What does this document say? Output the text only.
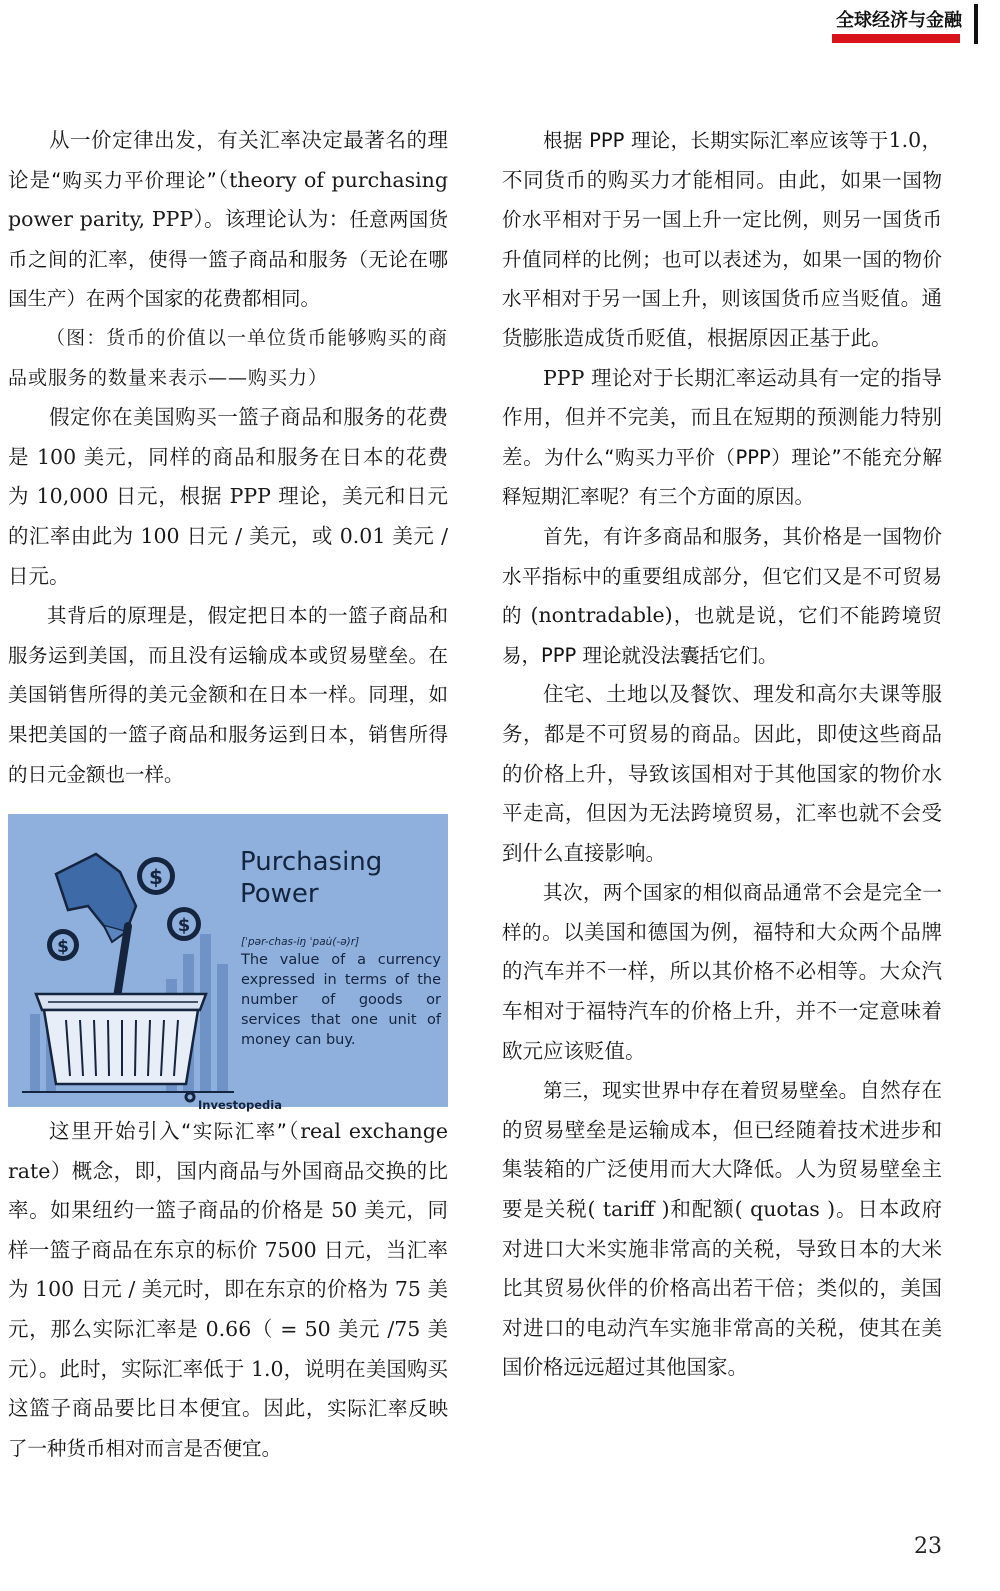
全球经济与金融

从一价定律出发，有关汇率决定最著名的理论是“购买力平价理论”（theory of purchasing power parity, PPP）。该理论认为：任意两国货币之间的汇率，使得一篮子商品和服务（无论在哪国生产）在两个国家的花费都相同。

（图：货币的价值以一单位货币能够购买的商品或服务的数量来表示——购买力）

假定你在美国购买一篮子商品和服务的花费是 100 美元，同样的商品和服务在日本的花费为 10,000 日元，根据 PPP 理论，美元和日元的汇率由此为 100 日元 / 美元，或 0.01 美元 / 日元。

其背后的原理是，假定把日本的一篮子商品和服务运到美国，而且没有运输成本或贸易壁垒。在美国销售所得的美元金额和在日本一样。同理，如果把美国的一篮子商品和服务运到日本，销售所得的日元金额也一样。

$
$
$
Purchasing
Power
[ˈpər-chas-iŋ ˈpau̇(-ə)r]
The value of a currency expressed in terms of the number of goods or services that one unit of money can buy.
Investopedia

这里开始引入“实际汇率”（real exchange rate）概念，即，国内商品与外国商品交换的比率。如果纽约一篮子商品的价格是 50 美元，同样一篮子商品在东京的标价 7500 日元，当汇率为 100 日元 / 美元时，即在东京的价格为 75 美元，那么实际汇率是 0.66（ = 50 美元 /75 美元）。此时，实际汇率低于 1.0，说明在美国购买这篮子商品要比日本便宜。因此，实际汇率反映了一种货币相对而言是否便宜。

根据 PPP 理论，长期实际汇率应该等于1.0，不同货币的购买力才能相同。由此，如果一国物价水平相对于另一国上升一定比例，则另一国货币升值同样的比例；也可以表述为，如果一国的物价水平相对于另一国上升，则该国货币应当贬值。通货膨胀造成货币贬值，根据原因正基于此。

PPP 理论对于长期汇率运动具有一定的指导作用，但并不完美，而且在短期的预测能力特别差。为什么“购买力平价（PPP）理论”不能充分解释短期汇率呢？有三个方面的原因。

首先，有许多商品和服务，其价格是一国物价水平指标中的重要组成部分，但它们又是不可贸易的 (nontradable)，也就是说，它们不能跨境贸易，PPP 理论就没法囊括它们。

住宅、土地以及餐饮、理发和高尔夫课等服务，都是不可贸易的商品。因此，即使这些商品的价格上升，导致该国相对于其他国家的物价水平走高，但因为无法跨境贸易，汇率也就不会受到什么直接影响。

其次，两个国家的相似商品通常不会是完全一样的。以美国和德国为例，福特和大众两个品牌的汽车并不一样，所以其价格不必相等。大众汽车相对于福特汽车的价格上升，并不一定意味着欧元应该贬值。

第三，现实世界中存在着贸易壁垒。自然存在的贸易壁垒是运输成本，但已经随着技术进步和集装箱的广泛使用而大大降低。人为贸易壁垒主要是关税( tariff )和配额( quotas )。日本政府对进口大米实施非常高的关税，导致日本的大米比其贸易伙伴的价格高出若干倍；类似的，美国对进口的电动汽车实施非常高的关税，使其在美国价格远远超过其他国家。

23
